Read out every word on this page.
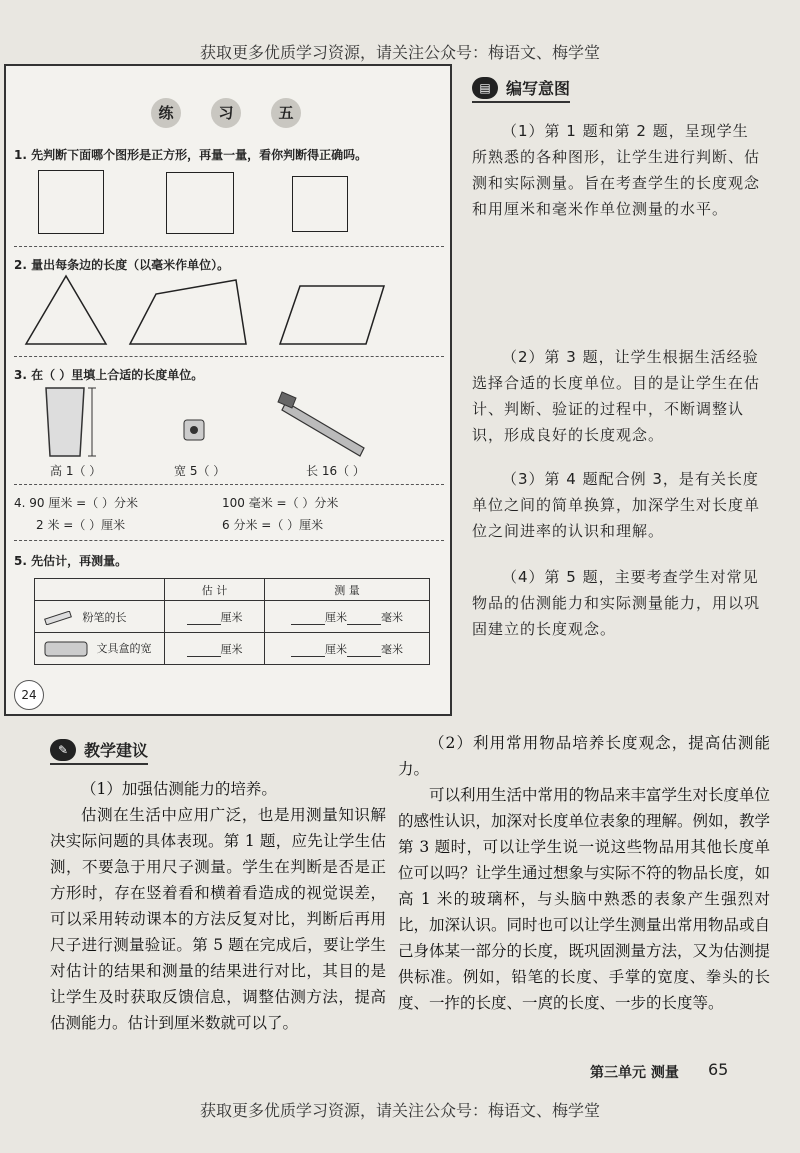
获取更多优质学习资源，请关注公众号：梅语文、梅学堂
练	习	五
1. 先判断下面哪个图形是正方形，再量一量，看你判断得正确吗。
2. 量出每条边的长度（以毫米作单位）。
3. 在（ ）里填上合适的长度单位。
高 1（ ）	宽 5（ ）	长 16（ ）
4. 90 厘米 =（ ）分米	100 毫米 =（ ）分米
2 米 =（ ）厘米	6 分米 =（ ）厘米
5. 先估计，再测量。
	估 计	测 量
粉笔的长	厘米	厘米 毫米
文具盒的宽	厘米	厘米 毫米
24
▤ 编写意图
（1）第 1 题和第 2 题，呈现学生所熟悉的各种图形，让学生进行判断、估测和实际测量。旨在考查学生的长度观念和用厘米和毫米作单位测量的水平。
（2）第 3 题，让学生根据生活经验选择合适的长度单位。目的是让学生在估计、判断、验证的过程中，不断调整认识，形成良好的长度观念。
（3）第 4 题配合例 3，是有关长度单位之间的简单换算，加深学生对长度单位之间进率的认识和理解。
（4）第 5 题，主要考查学生对常见物品的估测能力和实际测量能力，用以巩固建立的长度观念。
✎ 教学建议

（1）加强估测能力的培养。

估测在生活中应用广泛，也是用测量知识解决实际问题的具体表现。第 1 题，应先让学生估测，不要急于用尺子测量。学生在判断是否是正方形时，存在竖着看和横着看造成的视觉误差，可以采用转动课本的方法反复对比，判断后再用尺子进行测量验证。第 5 题在完成后，要让学生对估计的结果和测量的结果进行对比，其目的是让学生及时获取反馈信息，调整估测方法，提高估测能力。估计到厘米数就可以了。

（2）利用常用物品培养长度观念，提高估测能力。

可以利用生活中常用的物品来丰富学生对长度单位的感性认识，加深对长度单位表象的理解。例如，教学第 3 题时，可以让学生说一说这些物品用其他长度单位可以吗？让学生通过想象与实际不符的物品长度，如高 1 米的玻璃杯，与头脑中熟悉的表象产生强烈对比，加深认识。同时也可以让学生测量出常用物品或自己身体某一部分的长度，既巩固测量方法，又为估测提供标准。例如，铅笔的长度、手掌的宽度、拳头的长度、一拃的长度、一庹的长度、一步的长度等。

第三单元 测量 65
获取更多优质学习资源，请关注公众号：梅语文、梅学堂
